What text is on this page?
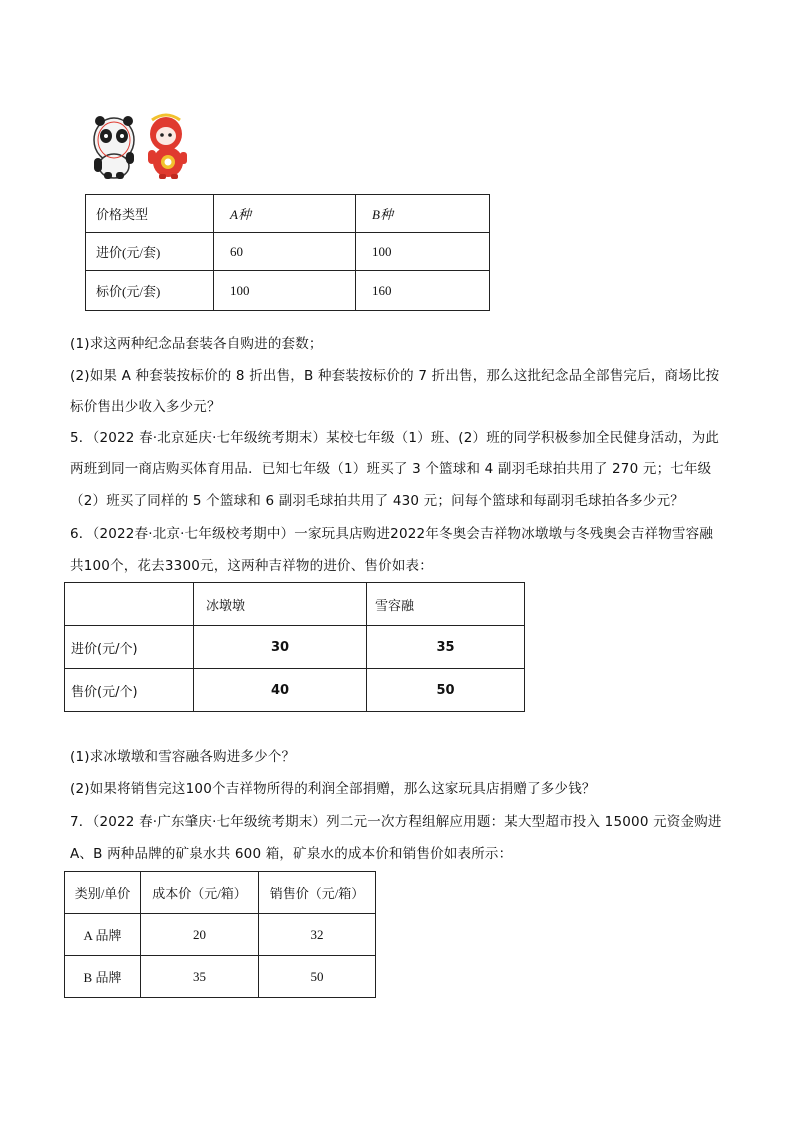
价格类型	A种	B种
进价(元/套)	60	100
标价(元/套)	100	160
(1)求这两种纪念品套装各自购进的套数；
(2)如果 A 种套装按标价的 8 折出售，B 种套装按标价的 7 折出售，那么这批纪念品全部售完后，商场比按
标价售出少收入多少元？
5．（2022 春·北京延庆·七年级统考期末）某校七年级（1）班、(2）班的同学积极参加全民健身活动，为此
两班到同一商店购买体育用品．已知七年级（1）班买了 3 个篮球和 4 副羽毛球拍共用了 270 元；七年级
（2）班买了同样的 5 个篮球和 6 副羽毛球拍共用了 430 元；问每个篮球和每副羽毛球拍各多少元？
6．（2022春·北京·七年级校考期中）一家玩具店购进2022年冬奥会吉祥物冰墩墩与冬残奥会吉祥物雪容融
共100个，花去3300元，这两种吉祥物的进价、售价如表：
	冰墩墩	雪容融
进价(元/个)	30	35
售价(元/个)	40	50
(1)求冰墩墩和雪容融各购进多少个？
(2)如果将销售完这100个吉祥物所得的利润全部捐赠，那么这家玩具店捐赠了多少钱？
7．（2022 春·广东肇庆·七年级统考期末）列二元一次方程组解应用题：某大型超市投入 15000 元资金购进
A、B 两种品牌的矿泉水共 600 箱，矿泉水的成本价和销售价如表所示：
类别/单价	成本价（元/箱）	销售价（元/箱）
A 品牌	20	32
B 品牌	35	50
